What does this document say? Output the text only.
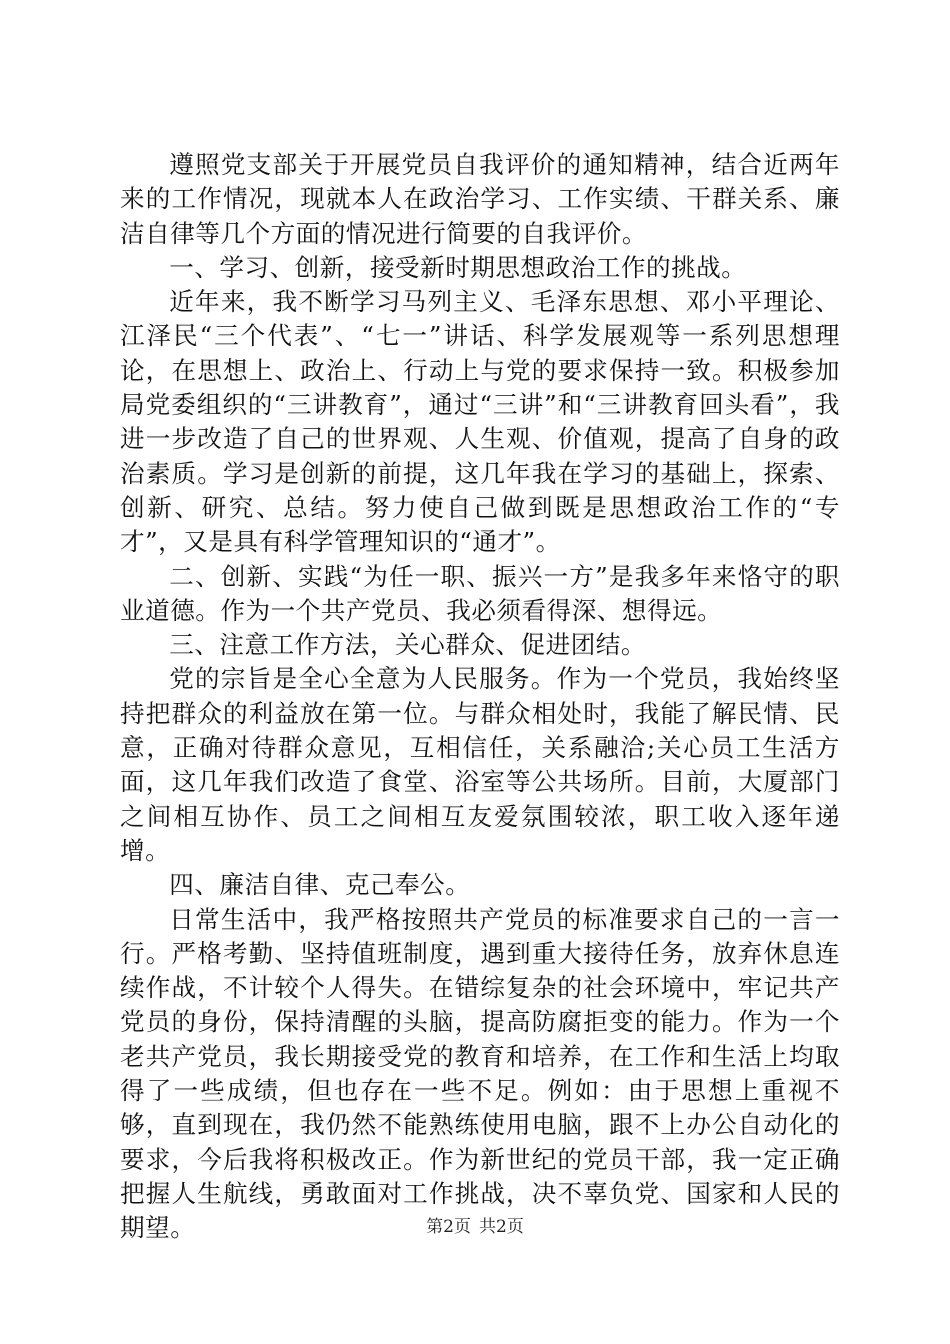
遵照党支部关于开展党员自我评价的通知精神，结合近两年来的工作情况，现就本人在政治学习、工作实绩、干群关系、廉洁自律等几个方面的情况进行简要的自我评价。

一、学习、创新，接受新时期思想政治工作的挑战。

近年来，我不断学习马列主义、毛泽东思想、邓小平理论、江泽民“三个代表”、“七一”讲话、科学发展观等一系列思想理论，在思想上、政治上、行动上与党的要求保持一致。积极参加局党委组织的“三讲教育”，通过“三讲”和“三讲教育回头看”，我进一步改造了自己的世界观、人生观、价值观，提高了自身的政治素质。学习是创新的前提，这几年我在学习的基础上，探索、创新、研究、总结。努力使自己做到既是思想政治工作的“专才”，又是具有科学管理知识的“通才”。

二、创新、实践“为任一职、振兴一方”是我多年来恪守的职业道德。作为一个共产党员、我必须看得深、想得远。

三、注意工作方法，关心群众、促进团结。

党的宗旨是全心全意为人民服务。作为一个党员，我始终坚持把群众的利益放在第一位。与群众相处时，我能了解民情、民意，正确对待群众意见，互相信任，关系融洽;关心员工生活方面，这几年我们改造了食堂、浴室等公共场所。目前，大厦部门之间相互协作、员工之间相互友爱氛围较浓，职工收入逐年递增。

四、廉洁自律、克己奉公。

日常生活中，我严格按照共产党员的标准要求自己的一言一行。严格考勤、坚持值班制度，遇到重大接待任务，放弃休息连续作战，不计较个人得失。在错综复杂的社会环境中，牢记共产党员的身份，保持清醒的头脑，提高防腐拒变的能力。作为一个老共产党员，我长期接受党的教育和培养，在工作和生活上均取得了一些成绩，但也存在一些不足。例如：由于思想上重视不够，直到现在，我仍然不能熟练使用电脑，跟不上办公自动化的要求，今后我将积极改正。作为新世纪的党员干部，我一定正确把握人生航线，勇敢面对工作挑战，决不辜负党、国家和人民的期望。	第2页 共2页
